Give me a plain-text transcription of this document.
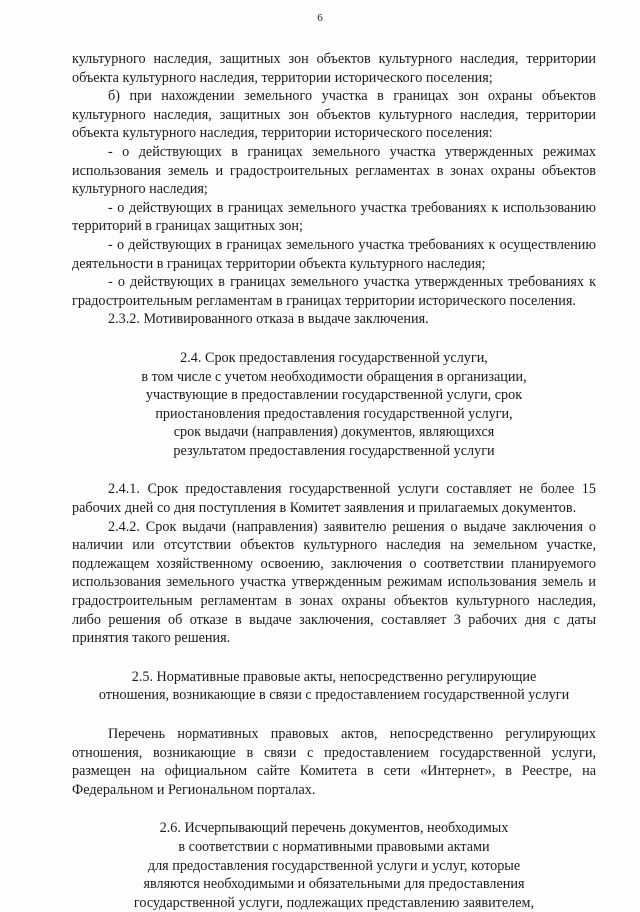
6

культурного наследия, защитных зон объектов культурного наследия, территории объекта культурного наследия, территории исторического поселения;

б) при нахождении земельного участка в границах зон охраны объектов культурного наследия, защитных зон объектов культурного наследия, территории объекта культурного наследия, территории исторического поселения:

- о действующих в границах земельного участка утвержденных режимах использования земель и градостроительных регламентах в зонах охраны объектов культурного наследия;

- о действующих в границах земельного участка требованиях к использованию территорий в границах защитных зон;

- о действующих в границах земельного участка требованиях к осуществлению деятельности в границах территории объекта культурного наследия;

- о действующих в границах земельного участка утвержденных требованиях к градостроительным регламентам в границах территории исторического поселения.

2.3.2. Мотивированного отказа в выдаче заключения.

2.4. Срок предоставления государственной услуги,

в том числе с учетом необходимости обращения в организации,

участвующие в предоставлении государственной услуги, срок

приостановления предоставления государственной услуги,

срок выдачи (направления) документов, являющихся

результатом предоставления государственной услуги

2.4.1. Срок предоставления государственной услуги составляет не более 15 рабочих дней со дня поступления в Комитет заявления и прилагаемых документов.

2.4.2. Срок выдачи (направления) заявителю решения о выдаче заключения о наличии или отсутствии объектов культурного наследия на земельном участке, подлежащем хозяйственному освоению, заключения о соответствии планируемого использования земельного участка утвержденным режимам использования земель и градостроительным регламентам в зонах охраны объектов культурного наследия, либо решения об отказе в выдаче заключения, составляет 3 рабочих дня с даты принятия такого решения.

2.5. Нормативные правовые акты, непосредственно регулирующие

отношения, возникающие в связи с предоставлением государственной услуги

Перечень нормативных правовых актов, непосредственно регулирующих отношения, возникающие в связи с предоставлением государственной услуги, размещен на официальном сайте Комитета в сети «Интернет», в Реестре, на Федеральном и Региональном порталах.

2.6. Исчерпывающий перечень документов, необходимых

в соответствии с нормативными правовыми актами

для предоставления государственной услуги и услуг, которые

являются необходимыми и обязательными для предоставления

государственной услуги, подлежащих представлению заявителем,
